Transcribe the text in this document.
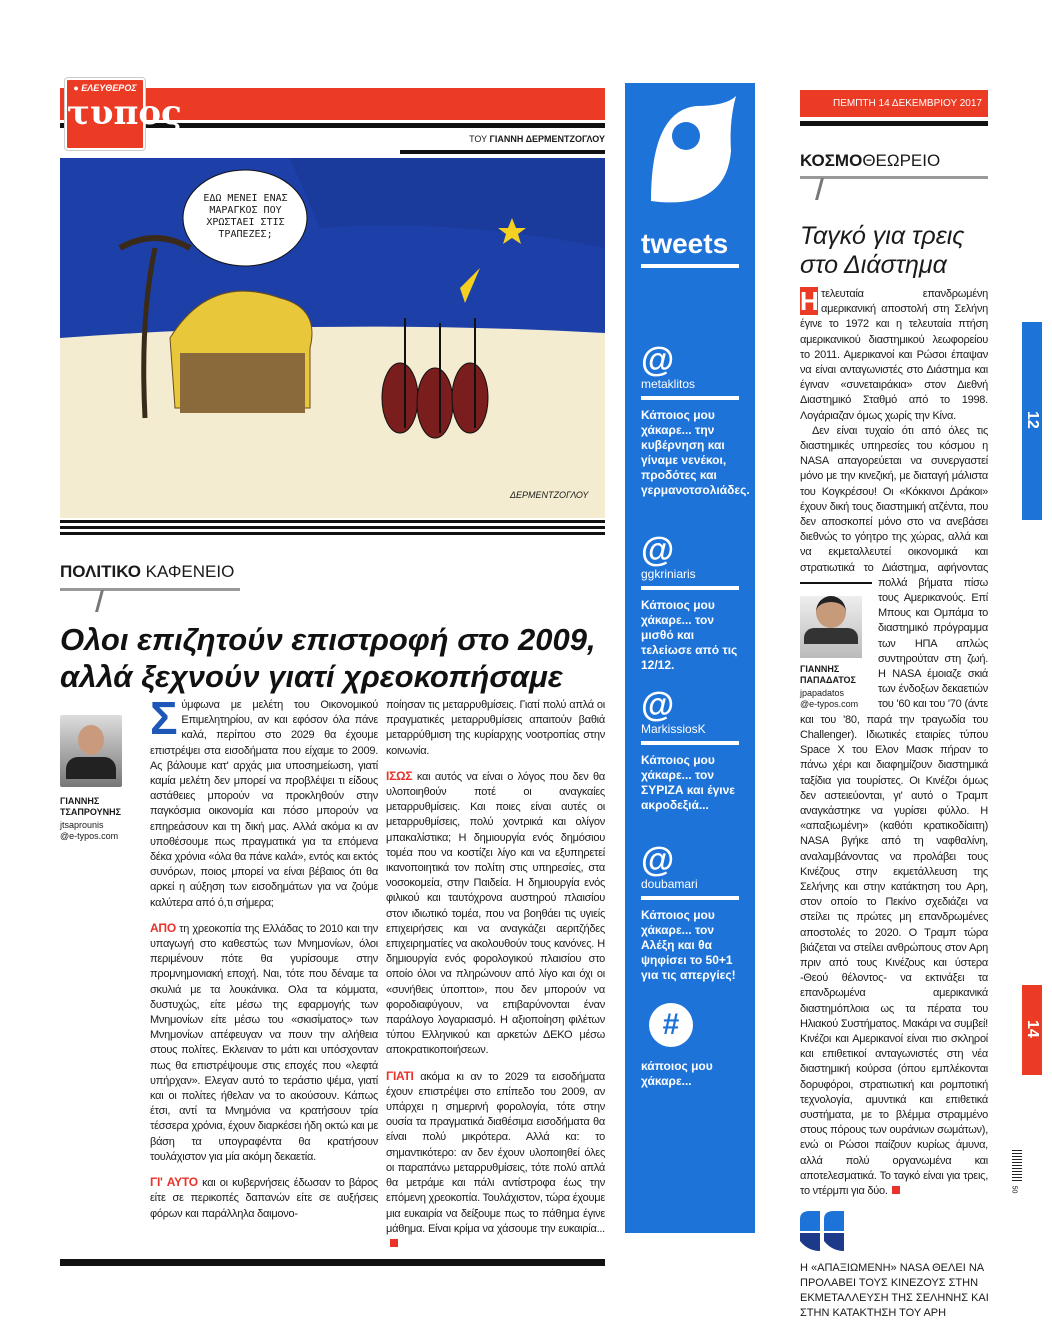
● ΕΛΕΥΘΕΡΟΣ
τυπος
ΤΟΥ ΓΙΑΝΝΗ ΔΕΡΜΕΝΤΖΟΓΛΟΥ
ΕΔΩ ΜΕΝΕΙ ΕΝΑΣ ΜΑΡΑΓΚΟΣ ΠΟΥ ΧΡΩΣΤΑΕΙ ΣΤΙΣ ΤΡΑΠΕΖΕΣ;
ΔΕΡΜΕΝΤΖΟΓΛΟΥ
ΠΟΛΙΤΙΚΟ ΚΑΦΕΝΕΙΟ
Ολοι επιζητούν επιστροφή στο 2009,
αλλά ξεχνούν γιατί χρεοκοπήσαμε
ΓΙΑΝΝΗΣ
ΤΣΑΠΡΟΥΝΗΣ
jtsaprounis
@e-typos.com

Σύμφωνα με μελέτη του Οικονομικού Επιμελητηρίου, αν και εφόσον όλα πάνε καλά, περίπου στο 2029 θα έχουμε επιστρέψει στα εισοδήματα που είχαμε το 2009. Ας βάλουμε κατ' αρχάς μια υποσημείωση, γιατί καμία μελέτη δεν μπορεί να προβλέψει τι είδους αστάθειες μπορούν να προκληθούν στην παγκόσμια οικονομία και πόσο μπορούν να επηρεάσουν και τη δική μας. Αλλά ακόμα κι αν υποθέσουμε πως πραγματικά για τα επόμενα δέκα χρόνια «όλα θα πάνε καλά», εντός και εκτός συνόρων, ποιος μπορεί να είναι βέβαιος ότι θα αρκεί η αύξηση των εισοδημάτων για να ζούμε καλύτερα από ό,τι σήμερα;

ΑΠΟ τη χρεοκοπία της Ελλάδας το 2010 και την υπαγωγή στο καθεστώς των Μνημονίων, όλοι περιμένουν πότε θα γυρίσουμε στην προμνημονιακή εποχή. Ναι, τότε που δέναμε τα σκυλιά με τα λουκάνικα. Ολα τα κόμματα, δυστυχώς, είτε μέσω της εφαρμογής των Μνημονίων είτε μέσω του «σκισίματος» των Μνημονίων απέφευγαν να πουν την αλήθεια στους πολίτες. Εκλειναν το μάτι και υπόσχονταν πως θα επιστρέψουμε στις εποχές που «λεφτά υπήρχαν». Ελεγαν αυτό το τεράστιο ψέμα, γιατί και οι πολίτες ήθελαν να το ακούσουν. Κάπως έτσι, αντί τα Μνημόνια να κρατήσουν τρία τέσσερα χρόνια, έχουν διαρκέσει ήδη οκτώ και με βάση τα υπογραφέντα θα κρατήσουν τουλάχιστον για μία ακόμη δεκαετία.

ΓΙ' ΑΥΤΟ και οι κυβερνήσεις έδωσαν το βάρος είτε σε περικοπές δαπανών είτε σε αυξήσεις φόρων και παράλληλα δαιμονο-

ποίησαν τις μεταρρυθμίσεις. Γιατί πολύ απλά οι πραγματικές μεταρρυθμίσεις απαιτούν βαθιά μεταρρύθμιση της κυρίαρχης νοοτροπίας στην κοινωνία.

ΙΣΩΣ και αυτός να είναι ο λόγος που δεν θα υλοποιηθούν ποτέ οι αναγκαίες μεταρρυθμίσεις. Και ποιες είναι αυτές οι μεταρρυθμίσεις, πολύ χοντρικά και ολίγον μπακαλίστικα; Η δημιουργία ενός δημόσιου τομέα που να κοστίζει λίγο και να εξυπηρετεί ικανοποιητικά τον πολίτη στις υπηρεσίες, στα νοσοκομεία, στην Παιδεία. Η δημιουργία ενός φιλικού και ταυτόχρονα αυστηρού πλαισίου στον ιδιωτικό τομέα, που να βοηθάει τις υγιείς επιχειρήσεις και να αναγκάζει αεριτζήδες επιχειρηματίες να ακολουθούν τους κανόνες. Η δημιουργία ενός φορολογικού πλαισίου στο οποίο όλοι να πληρώνουν από λίγο και όχι οι «συνήθεις ύποπτοι», που δεν μπορούν να φοροδιαφύγουν, να επιβαρύνονται έναν παράλογο λογαριασμό. Η αξιοποίηση φιλέτων τύπου Ελληνικού και αρκετών ΔΕΚΟ μέσω αποκρατικοποιήσεων.

ΓΙΑΤΙ ακόμα κι αν το 2029 τα εισοδήματα έχουν επιστρέψει στο επίπεδο του 2009, αν υπάρχει η σημερινή φορολογία, τότε στην ουσία τα πραγματικά διαθέσιμα εισοδήματα θα είναι πολύ μικρότερα. Αλλά κα: το σημαντικότερο: αν δεν έχουν υλοποιηθεί όλες οι παραπάνω μεταρρυθμίσεις, τότε πολύ απλά θα μετράμε και πάλι αντίστροφα έως την επόμενη χρεοκοπία. Τουλάχιστον, τώρα έχουμε μια ευκαιρία να δείξουμε πως το πάθημα έγινε μάθημα. Είναι κρίμα να χάσουμε την ευκαιρία...

tweets
@
metaklitos
Κάποιος μου χάκαρε... την κυβέρνηση και γίναμε νενέκοι, προδότες και γερμανοτσολιάδες.
@
ggkriniaris
Κάποιος μου χάκαρε... τον μισθό και τελείωσε από τις 12/12.
@
MarkissiosK
Κάποιος μου χάκαρε... τον ΣΥΡΙΖΑ και έγινε ακροδεξιά...
@
doubamari
Κάποιος μου χάκαρε... τον Αλέξη και θα ψηφίσει το 50+1 για τις απεργίες!
#
κάποιος μου χάκαρε...
ΠΕΜΠΤΗ 14 ΔΕΚΕΜΒΡΙΟΥ 2017
ΚΟΣΜΟΘΕΩΡΕΙΟ
Ταγκό για τρεις
στο Διάστημα
Η τελευταία επανδρωμένη αμερικανική αποστολή στη Σελήνη έγινε το 1972 και η τελευταία πτήση αμερικανικού διαστημικού λεωφορείου το 2011. Αμερικανοί και Ρώσοι έπαψαν να είναι ανταγωνιστές στο Διάστημα και έγιναν «συνεταιράκια» στον Διεθνή Διαστημικό Σταθμό από το 1998. Λογάριαζαν όμως χωρίς την Κίνα.
Δεν είναι τυχαίο ότι από όλες τις διαστημικές υπηρεσίες του κόσμου η NASA απαγορεύεται να συνεργαστεί μόνο με την κινεζική, με διαταγή μάλιστα του Κογκρέσου! Οι «Κόκκινοι Δράκοι» έχουν δική τους διαστημική ατζέντα, που δεν αποσκοπεί μόνο στο να ανεβάσει διεθνώς το γόητρο της χώρας, αλλά και να εκμεταλλευτεί οικονομικά και στρατιωτικά το Διάστημα, αφήνοντας πολλά βήματα πίσω
ΓΙΑΝΝΗΣ
ΠΑΠΑΔΑΤΟΣ
jpapadatos
@e-typos.com
τους Αμερικανούς. Επί Μπους και Ομπάμα το διαστημικό πρόγραμμα των ΗΠΑ απλώς συντηρούταν στη ζωή. Η NASA έμοιαζε σκιά των ένδοξων δεκαετιών του '60 και του '70 (άντε και του '80, παρά την τραγωδία του Challenger). Ιδιωτικές εταιρίες τύπου Space X του Ελον Μασκ πήραν το πάνω χέρι και διαφημίζουν διαστημικά ταξίδια για τουρίστες. Οι Κινέζοι όμως δεν αστειεύονται, γι' αυτό ο Τραμπ αναγκάστηκε να γυρίσει φύλλο. Η «απαξιωμένη» (καθότι κρατικοδίαιτη) NASA βγήκε από τη ναφθαλίνη, αναλαμβάνοντας να προλάβει τους Κινέζους στην εκμετάλλευση της Σελήνης και στην κατάκτηση του Αρη, στον οποίο το Πεκίνο σχεδιάζει να στείλει τις πρώτες μη επανδρωμένες αποστολές το 2020. Ο Τραμπ τώρα βιάζεται να στείλει ανθρώπους στον Αρη πριν από τους Κινέζους και ύστερα -Θεού θέλοντος- να εκτινάξει τα επανδρωμένα αμερικανικά διαστημόπλοια ως τα πέρατα του Ηλιακού Συστήματος. Μακάρι να συμβεί! Κινέζοι και Αμερικανοί είναι πιο σκληροί και επιθετικοί ανταγωνιστές στη νέα διαστημική κούρσα (όπου εμπλέκονται δορυφόροι, στρατιωτική και ρομποτική τεχνολογία, αμυντικά και επιθετικά συστήματα, με το βλέμμα στραμμένο στους πόρους των ουράνιων σωμάτων), ενώ οι Ρώσοι παίζουν κυρίως άμυνα, αλλά πολύ οργανωμένα και αποτελεσματικά. Το ταγκό είναι για τρεις, το ντέρμπι για δύο.
Η «ΑΠΑΞΙΩΜΕΝΗ» NASA ΘΕΛΕΙ ΝΑ ΠΡΟΛΑΒΕΙ ΤΟΥΣ ΚΙΝΕΖΟΥΣ ΣΤΗΝ ΕΚΜΕΤΑΛΛΕΥΣΗ ΤΗΣ ΣΕΛΗΝΗΣ ΚΑΙ ΣΤΗΝ ΚΑΤΑΚΤΗΣΗ ΤΟΥ ΑΡΗ
12
14
50
